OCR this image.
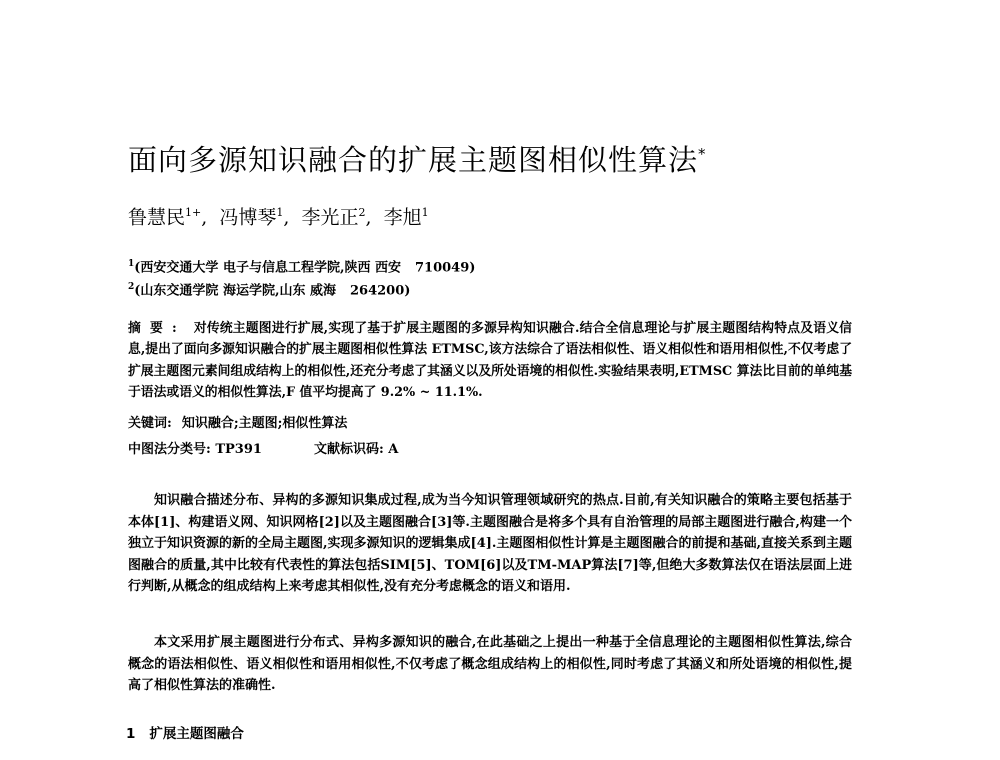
面向多源知识融合的扩展主题图相似性算法*
鲁慧民$^{1+}$,  冯博琴$^1$,  李光正$^2$,  李旭$^1$
$^1$(西安交通大学 电子与信息工程学院,陕西 西安 710049)
$^2$(山东交通学院 海运学院,山东 威海 264200)

摘要: 对传统主题图进行扩展,实现了基于扩展主题图的多源异构知识融合.结合全信息理论与扩展主题图结构特点及语义信息,提出了面向多源知识融合的扩展主题图相似性算法 ETMSC,该方法综合了语法相似性、语义相似性和语用相似性,不仅考虑了扩展主题图元素间组成结构上的相似性,还充分考虑了其涵义以及所处语境的相似性.实验结果表明,ETMSC 算法比目前的单纯基于语法或语义的相似性算法,F 值平均提高了 9.2% ~ 11.1%.

关键词: 知识融合;主题图;相似性算法
中图法分类号: TP391	文献标识码: A

知识融合描述分布、异构的多源知识集成过程,成为当今知识管理领域研究的热点.目前,有关知识融合的策略主要包括基于本体[1]、构建语义网、知识网格[2]以及主题图融合[3]等.主题图融合是将多个具有自治管理的局部主题图进行融合,构建一个独立于知识资源的新的全局主题图,实现多源知识的逻辑集成[4].主题图相似性计算是主题图融合的前提和基础,直接关系到主题图融合的质量,其中比较有代表性的算法包括SIM[5]、TOM[6]以及TM-MAP算法[7]等,但绝大多数算法仅在语法层面上进行判断,从概念的组成结构上来考虑其相似性,没有充分考虑概念的语义和语用.

本文采用扩展主题图进行分布式、异构多源知识的融合,在此基础之上提出一种基于全信息理论的主题图相似性算法,综合概念的语法相似性、语义相似性和语用相似性,不仅考虑了概念组成结构上的相似性,同时考虑了其涵义和所处语境的相似性,提高了相似性算法的准确性.

1 扩展主题图融合
